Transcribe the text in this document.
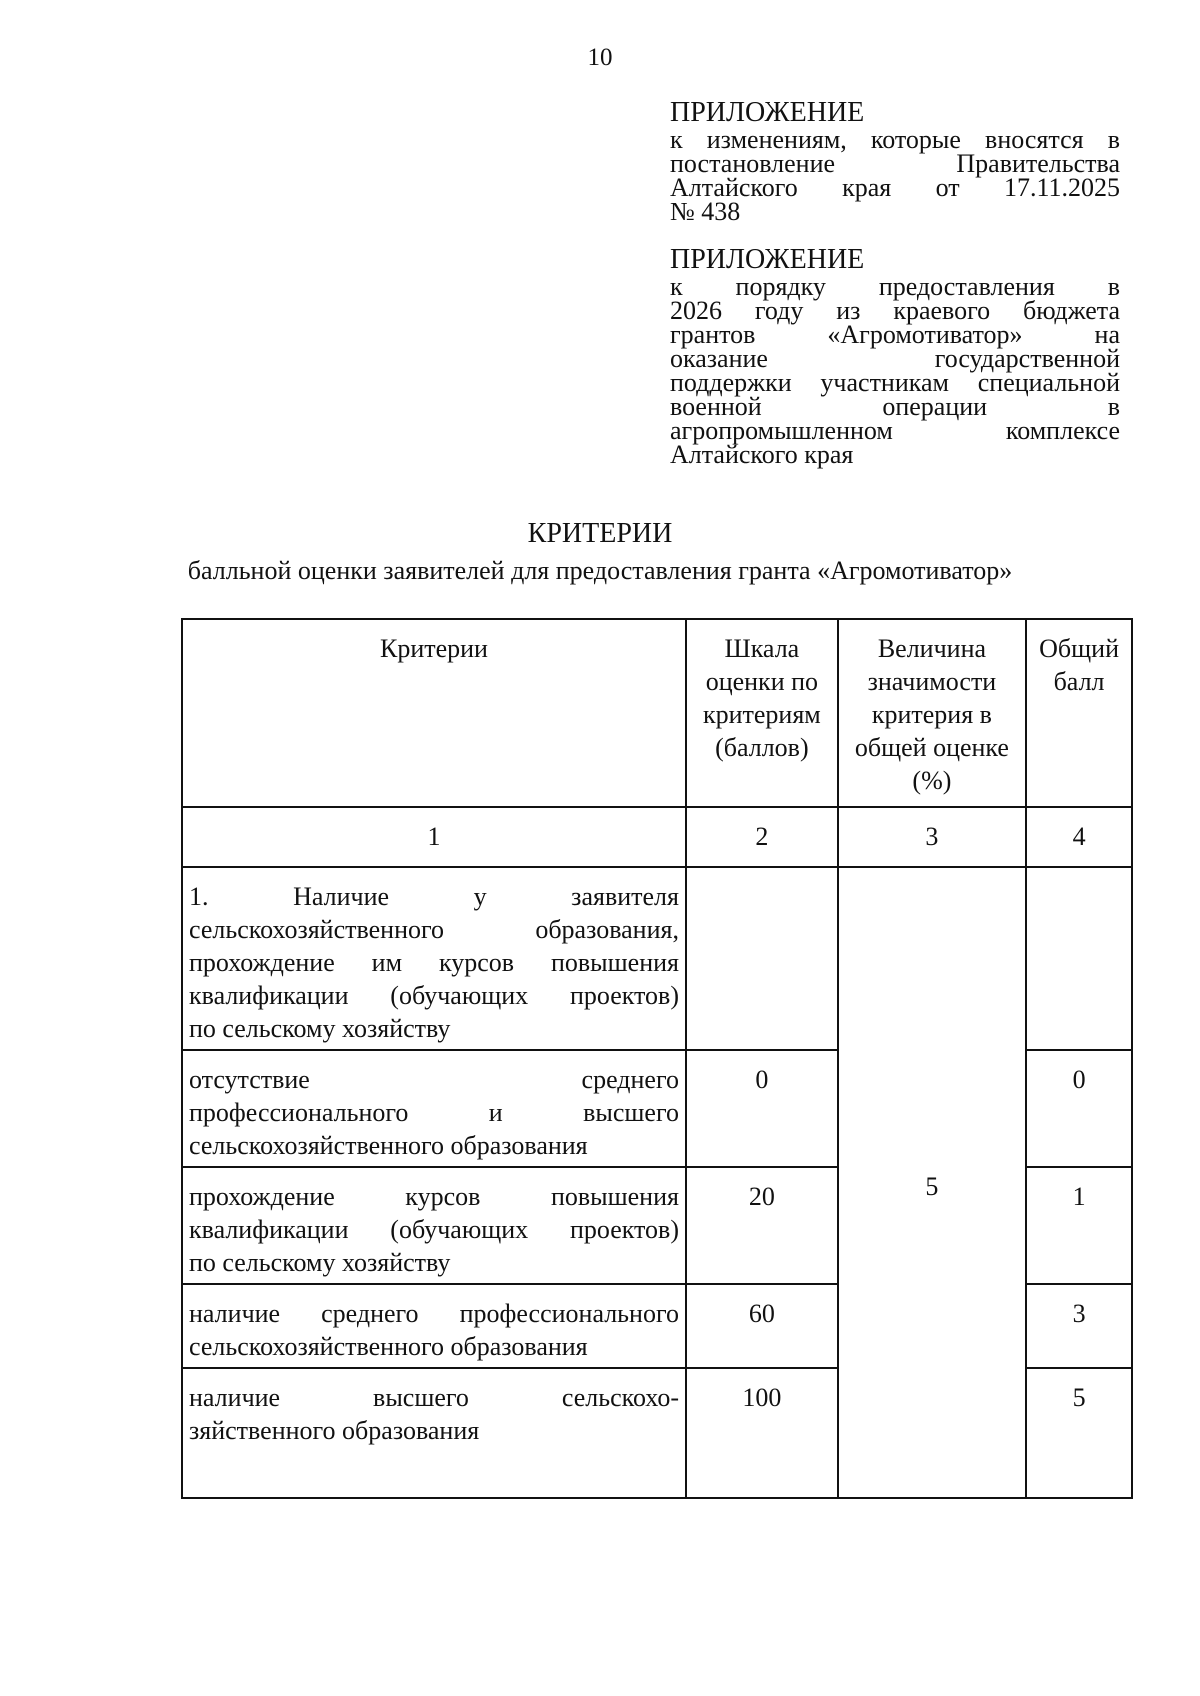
10
ПРИЛОЖЕНИЕ
к изменениям, которые вносятся в
постановление Правительства
Алтайского края от 17.11.2025
№ 438
ПРИЛОЖЕНИЕ
к порядку предоставления в
2026 году из краевого бюджета
грантов «Агромотиватор» на
оказание государственной
поддержки участникам специальной
военной операции в
агропромышленном комплексе
Алтайского края
КРИТЕРИИ
балльной оценки заявителей для предоставления гранта «Агромотиватор»
Критерии	Шкала оценки по критериям (баллов)	Величина значимости критерия в общей оценке (%)	Общий балл
1	2	3	4

1. Наличие у заявителя
сельскохозяйственного образования,
прохождение им курсов повышения
квалификации (обучающих проектов)
по сельскому хозяйству		5	

отсутствие среднего
профессионального и высшего
сельскохозяйственного образования	0		0

прохождение курсов повышения
квалификации (обучающих проектов)
по сельскому хозяйству	20		1

наличие среднего профессионального
сельскохозяйственного образования	60		3

наличие высшего сельскохо-
зяйственного образования	100		5
